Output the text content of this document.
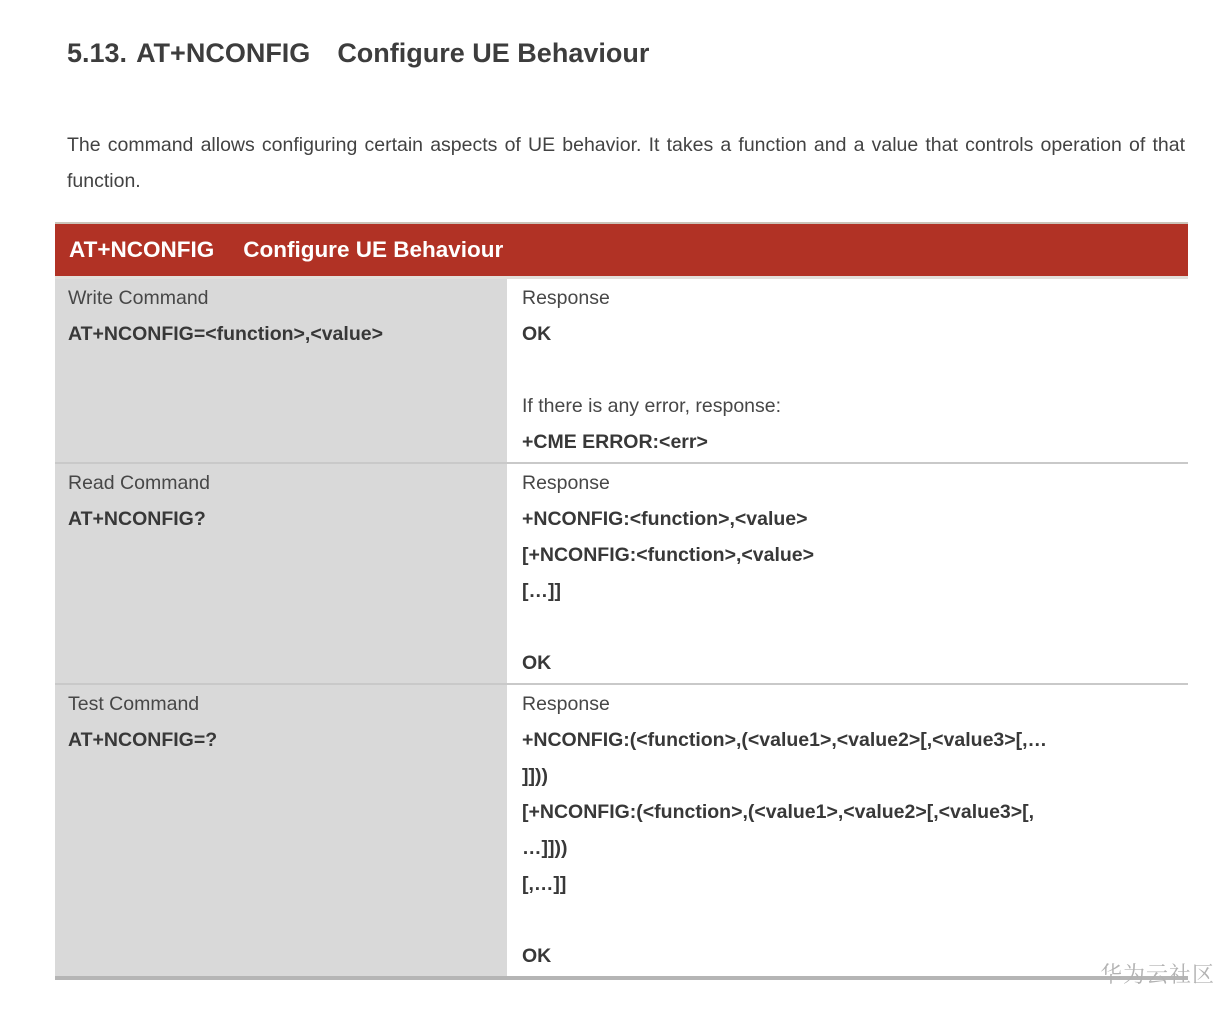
5.13. AT+NCONFIG Configure UE Behaviour

The command allows configuring certain aspects of UE behavior. It takes a function and a value that controls operation of that function.

AT+NCONFIG Configure UE Behaviour
Write Command
AT+NCONFIG=<function>,<value>
Response
OK
If there is any error, response:
+CME ERROR:<err>
Read Command
AT+NCONFIG?
Response
+NCONFIG:<function>,<value>
[+NCONFIG:<function>,<value>
[…]]
OK
Test Command
AT+NCONFIG=?
Response
+NCONFIG:(<function>,(<value1>,<value2>[,<value3>[,…
]]))
[+NCONFIG:(<function>,(<value1>,<value2>[,<value3>[,
…]]))
[,…]]
OK
华为云社区
